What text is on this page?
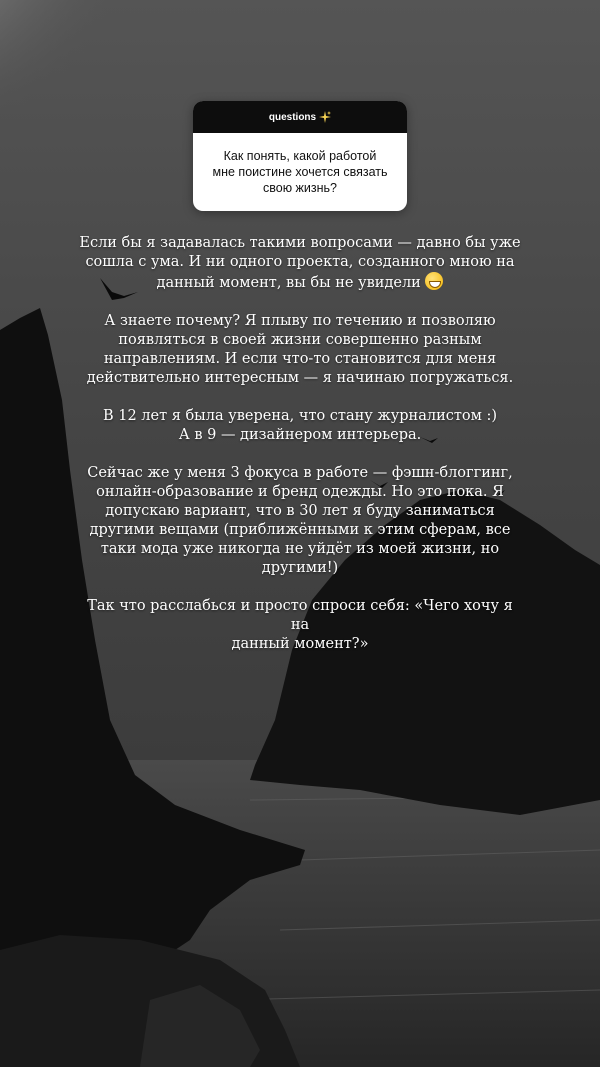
questions
Как понять, какой работой
мне поистине хочется связать
свою жизнь?

Если бы я задавалась такими вопросами — давно бы уже
сошла с ума. И ни одного проекта, созданного мною на
данный момент, вы бы не увидели

А знаете почему? Я плыву по течению и позволяю
появляться в своей жизни совершенно разным
направлениям. И если что-то становится для меня
действительно интересным — я начинаю погружаться.

В 12 лет я была уверена, что стану журналистом :)
А в 9 — дизайнером интерьера.

Сейчас же у меня 3 фокуса в работе — фэшн-блоггинг,
онлайн-образование и бренд одежды. Но это пока. Я
допускаю вариант, что в 30 лет я буду заниматься
другими вещами (приближёнными к этим сферам, все
таки мода уже никогда не уйдёт из моей жизни, но
другими!)

Так что расслабься и просто спроси себя: «Чего хочу я на
данный момент?»
